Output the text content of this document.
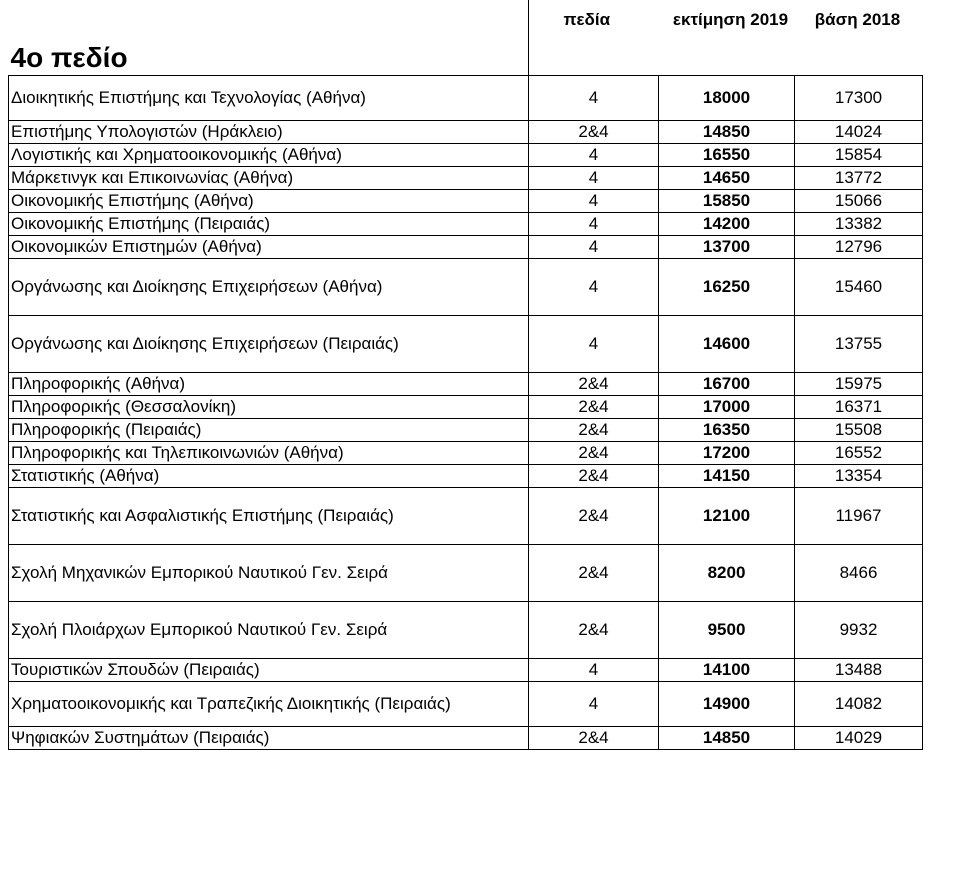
	πεδία	εκτίμηση 2019	βάση 2018
4ο πεδίο			
Διοικητικής Επιστήμης και Τεχνολογίας (Αθήνα)	4	18000	17300
Επιστήμης Υπολογιστών (Ηράκλειο)	2&4	14850	14024
Λογιστικής και Χρηματοοικονομικής (Αθήνα)	4	16550	15854
Μάρκετινγκ και Επικοινωνίας (Αθήνα)	4	14650	13772
Οικονομικής Επιστήμης (Αθήνα)	4	15850	15066
Οικονομικής Επιστήμης (Πειραιάς)	4	14200	13382
Οικονομικών Επιστημών (Αθήνα)	4	13700	12796
Οργάνωσης και Διοίκησης Επιχειρήσεων (Αθήνα)	4	16250	15460
Οργάνωσης και Διοίκησης Επιχειρήσεων (Πειραιάς)	4	14600	13755
Πληροφορικής (Αθήνα)	2&4	16700	15975
Πληροφορικής (Θεσσαλονίκη)	2&4	17000	16371
Πληροφορικής (Πειραιάς)	2&4	16350	15508
Πληροφορικής και Τηλεπικοινωνιών (Αθήνα)	2&4	17200	16552
Στατιστικής (Αθήνα)	2&4	14150	13354
Στατιστικής και Ασφαλιστικής Επιστήμης (Πειραιάς)	2&4	12100	11967
Σχολή Μηχανικών Εμπορικού Ναυτικού Γεν. Σειρά	2&4	8200	8466
Σχολή Πλοιάρχων Εμπορικού Ναυτικού Γεν. Σειρά	2&4	9500	9932
Τουριστικών Σπουδών (Πειραιάς)	4	14100	13488
Χρηματοοικονομικής και Τραπεζικής Διοικητικής (Πειραιάς)	4	14900	14082
Ψηφιακών Συστημάτων (Πειραιάς)	2&4	14850	14029
